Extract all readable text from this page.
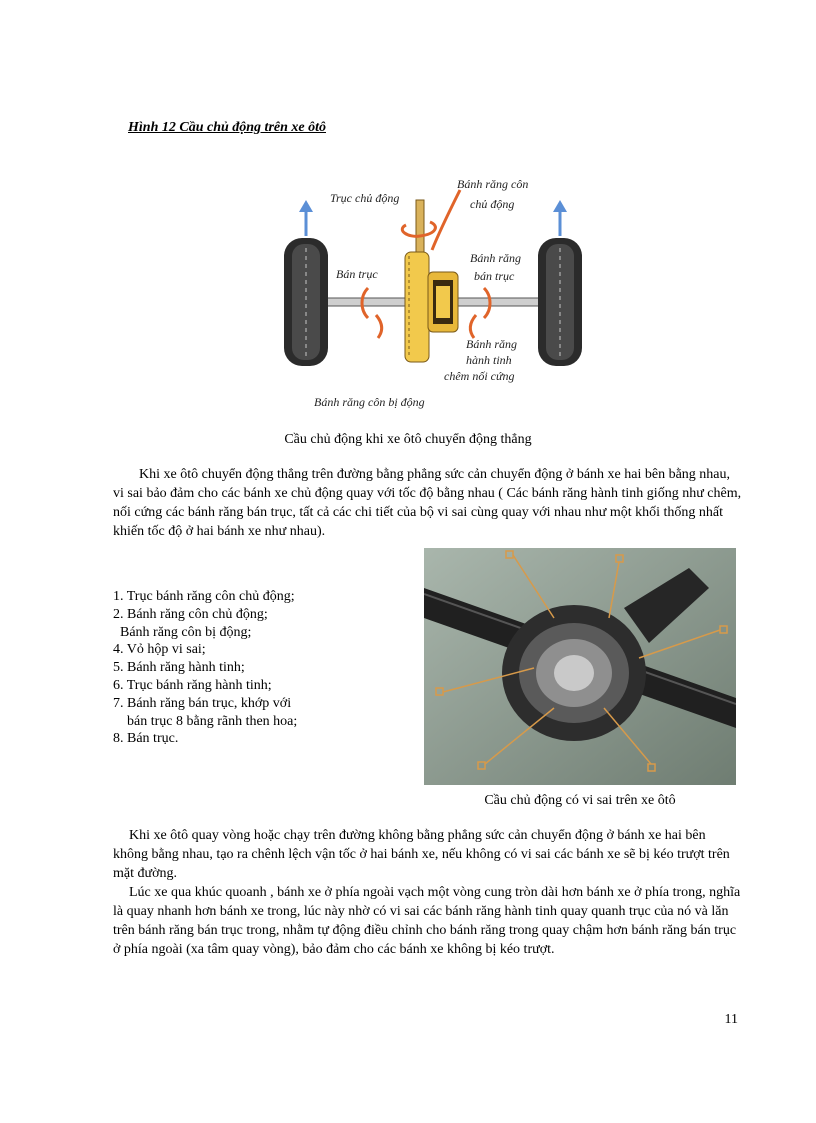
Hình 12 Cầu chủ động trên xe ôtô
Trục chủ động
Bánh răng côn
chủ động
Bán trục
Bánh răng
bán trục
Bánh răng
hành tinh
chêm nối cứng
Bánh răng côn bị động
Cầu chủ động khi xe ôtô chuyển động thẳng
Khi xe ôtô chuyển động thẳng trên đường bằng phẳng sức cản chuyển động ở bánh xe hai bên bằng nhau, vi sai bảo đảm cho các bánh xe chủ động quay với tốc độ bằng nhau ( Các bánh răng hành tinh giống như chêm, nối cứng các bánh răng bán trục, tất cả các chi tiết của bộ vi sai cùng quay với nhau như một khối thống nhất khiến tốc độ ở hai bánh xe như nhau).
1. Trục bánh răng côn chủ động;
2. Bánh răng côn chủ động;
Bánh răng côn bị động;
4. Vỏ hộp vi sai;
5. Bánh răng hành tinh;
6. Trục bánh răng hành tinh;
7. Bánh răng bán trục, khớp với
bán trục 8 bằng rãnh then hoa;
8. Bán trục.
Cầu chủ động có vi sai trên xe ôtô
Khi xe ôtô quay vòng hoặc chạy trên đường không bằng phẳng sức cản chuyển động ở bánh xe hai bên không bằng nhau, tạo ra chênh lệch vận tốc ở hai bánh xe, nếu không có vi sai các bánh xe sẽ bị kéo trượt trên mặt đường.
Lúc xe qua khúc quoanh , bánh xe ở phía ngoài vạch một vòng cung tròn dài hơn bánh xe ở phía trong, nghĩa là quay nhanh hơn bánh xe trong, lúc này nhờ có vi sai các bánh răng hành tinh quay quanh trục của nó và lăn trên bánh răng bán trục trong, nhằm tự động điều chỉnh cho bánh răng trong quay chậm hơn bánh răng bán trục ở phía ngoài (xa tâm quay vòng), bảo đảm cho các bánh xe không bị kéo trượt.
11
